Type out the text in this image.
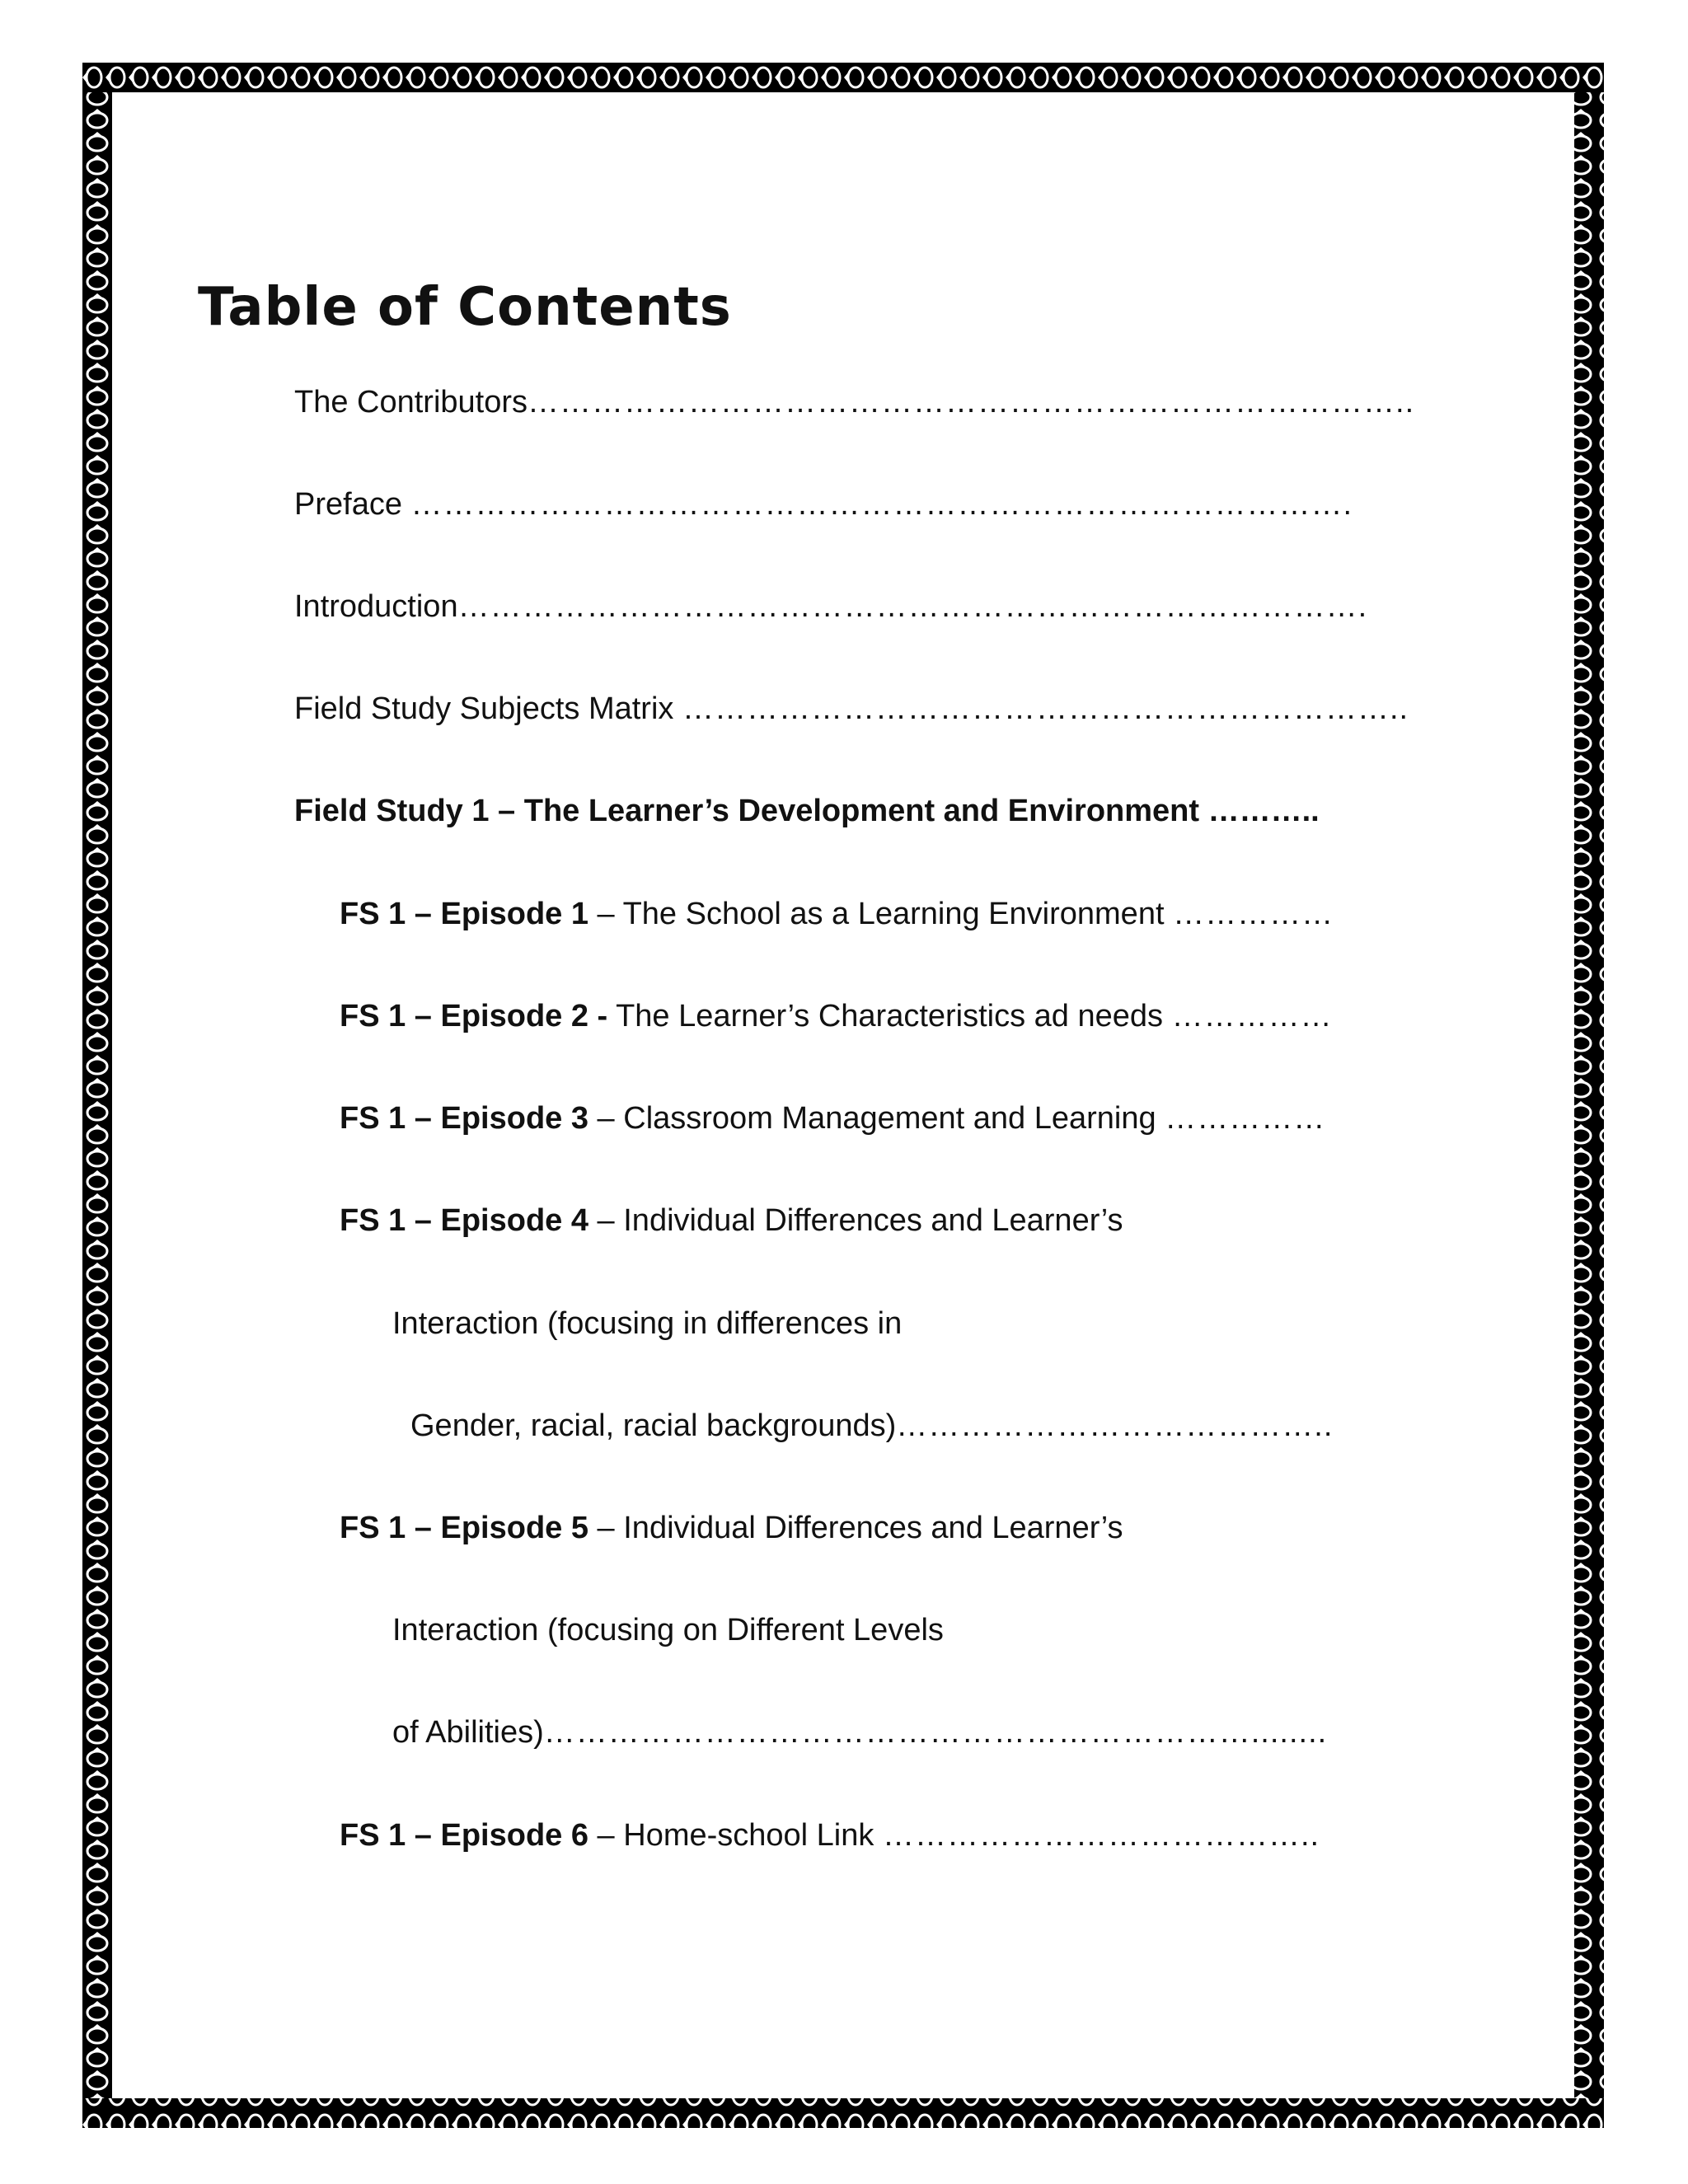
Table of Contents
The Contributors………………………………………………………………………..
Preface …………………………………………………………………………….
Introduction………………………………………………………………………….
Field Study Subjects Matrix …………………………………………………………..
Field Study 1 – The Learner’s Development and Environment ………..
FS 1 – Episode 1 – The School as a Learning Environment ……………
FS 1 – Episode 2 - The Learner’s Characteristics ad needs ……………
FS 1 – Episode 3 – Classroom Management and Learning ……………
FS 1 – Episode 4 – Individual Differences and Learner’s
Interaction (focusing in differences in
Gender, racial, racial backgrounds)…………………………………..
FS 1 – Episode 5 – Individual Differences and Learner’s
Interaction (focusing on Different Levels
of Abilities)…………………………………………………………........
FS 1 – Episode 6 – Home-school Link …………………………………..
